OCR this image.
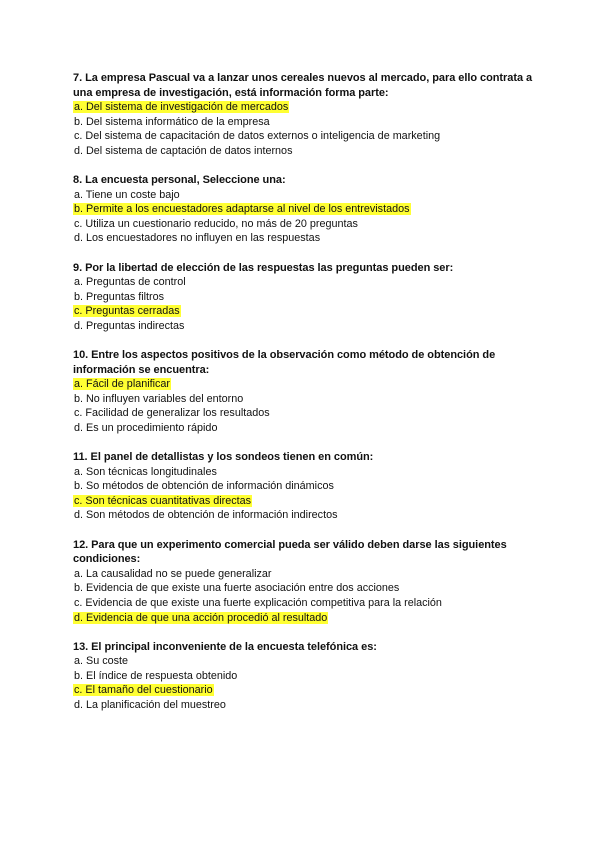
7. La empresa Pascual va a lanzar unos cereales nuevos al mercado, para ello contrata a una empresa de investigación, está información forma parte:
a. Del sistema de investigación de mercados
b. Del sistema informático de la empresa
c. Del sistema de capacitación de datos externos o inteligencia de marketing
d. Del sistema de captación de datos internos
8. La encuesta personal, Seleccione una:
a. Tiene un coste bajo
b. Permite a los encuestadores adaptarse al nivel de los entrevistados
c. Utiliza un cuestionario reducido, no más de 20 preguntas
d. Los encuestadores no influyen en las respuestas
9. Por la libertad de elección de las respuestas las preguntas pueden ser:
a. Preguntas de control
b. Preguntas filtros
c. Preguntas cerradas
d. Preguntas indirectas
10. Entre los aspectos positivos de la observación como método de obtención de información se encuentra:
a. Fácil de planificar
b. No influyen variables del entorno
c. Facilidad de generalizar los resultados
d. Es un procedimiento rápido
11. El panel de detallistas y los sondeos tienen en común:
a. Son técnicas longitudinales
b. So métodos de obtención de información dinámicos
c. Son técnicas cuantitativas directas
d. Son métodos de obtención de información indirectos
12. Para que un experimento comercial pueda ser válido deben darse las siguientes condiciones:
a. La causalidad no se puede generalizar
b. Evidencia de que existe una fuerte asociación entre dos acciones
c. Evidencia de que existe una fuerte explicación competitiva para la relación
d. Evidencia de que una acción procedió al resultado
13. El principal inconveniente de la encuesta telefónica es:
a. Su coste
b. El índice de respuesta obtenido
c. El tamaño del cuestionario
d. La planificación del muestreo
